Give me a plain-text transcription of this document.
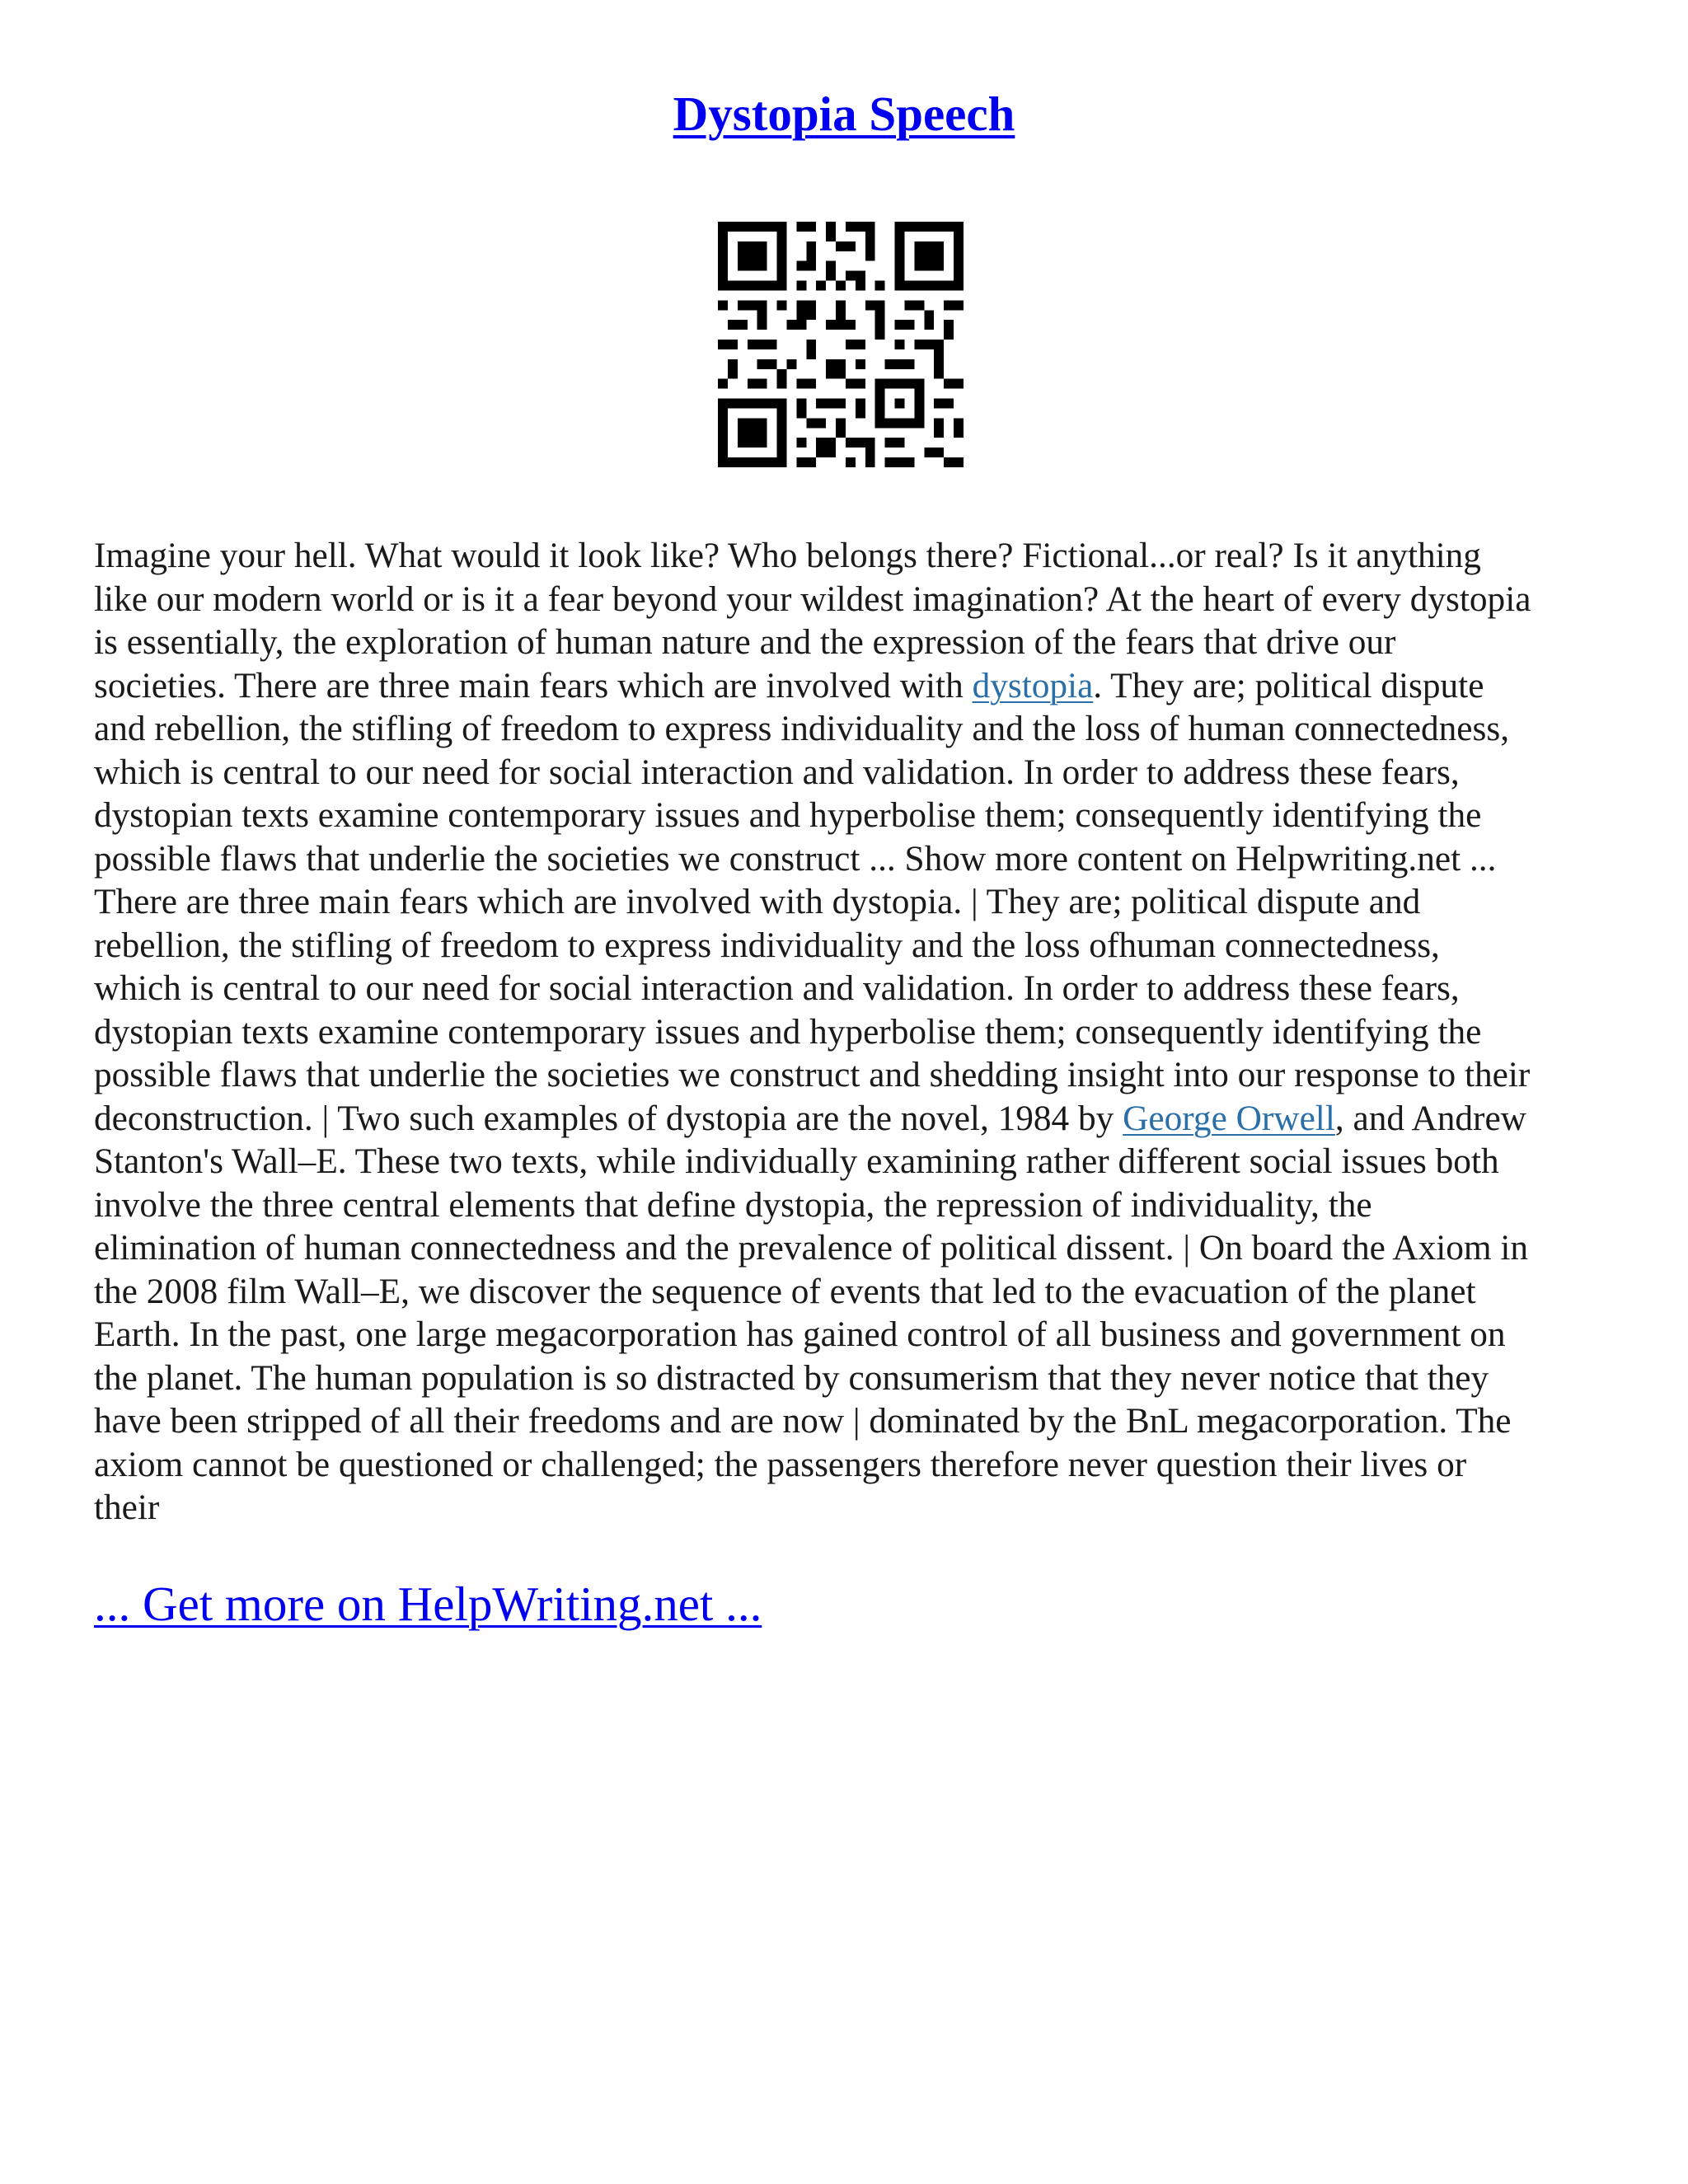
Dystopia Speech
Imagine your hell. What would it look like? Who belongs there? Fictional...or real? Is it anything
like our modern world or is it a fear beyond your wildest imagination? At the heart of every dystopia
is essentially, the exploration of human nature and the expression of the fears that drive our
societies. There are three main fears which are involved with dystopia. They are; political dispute
and rebellion, the stifling of freedom to express individuality and the loss of human connectedness,
which is central to our need for social interaction and validation. In order to address these fears,
dystopian texts examine contemporary issues and hyperbolise them; consequently identifying the
possible flaws that underlie the societies we construct ... Show more content on Helpwriting.net ...
There are three main fears which are involved with dystopia. | They are; political dispute and
rebellion, the stifling of freedom to express individuality and the loss ofhuman connectedness,
which is central to our need for social interaction and validation. In order to address these fears,
dystopian texts examine contemporary issues and hyperbolise them; consequently identifying the
possible flaws that underlie the societies we construct and shedding insight into our response to their
deconstruction. | Two such examples of dystopia are the novel, 1984 by George Orwell, and Andrew
Stanton's Wall–E. These two texts, while individually examining rather different social issues both
involve the three central elements that define dystopia, the repression of individuality, the
elimination of human connectedness and the prevalence of political dissent. | On board the Axiom in
the 2008 film Wall–E, we discover the sequence of events that led to the evacuation of the planet
Earth. In the past, one large megacorporation has gained control of all business and government on
the planet. The human population is so distracted by consumerism that they never notice that they
have been stripped of all their freedoms and are now | dominated by the BnL megacorporation. The
axiom cannot be questioned or challenged; the passengers therefore never question their lives or
their
... Get more on HelpWriting.net ...
